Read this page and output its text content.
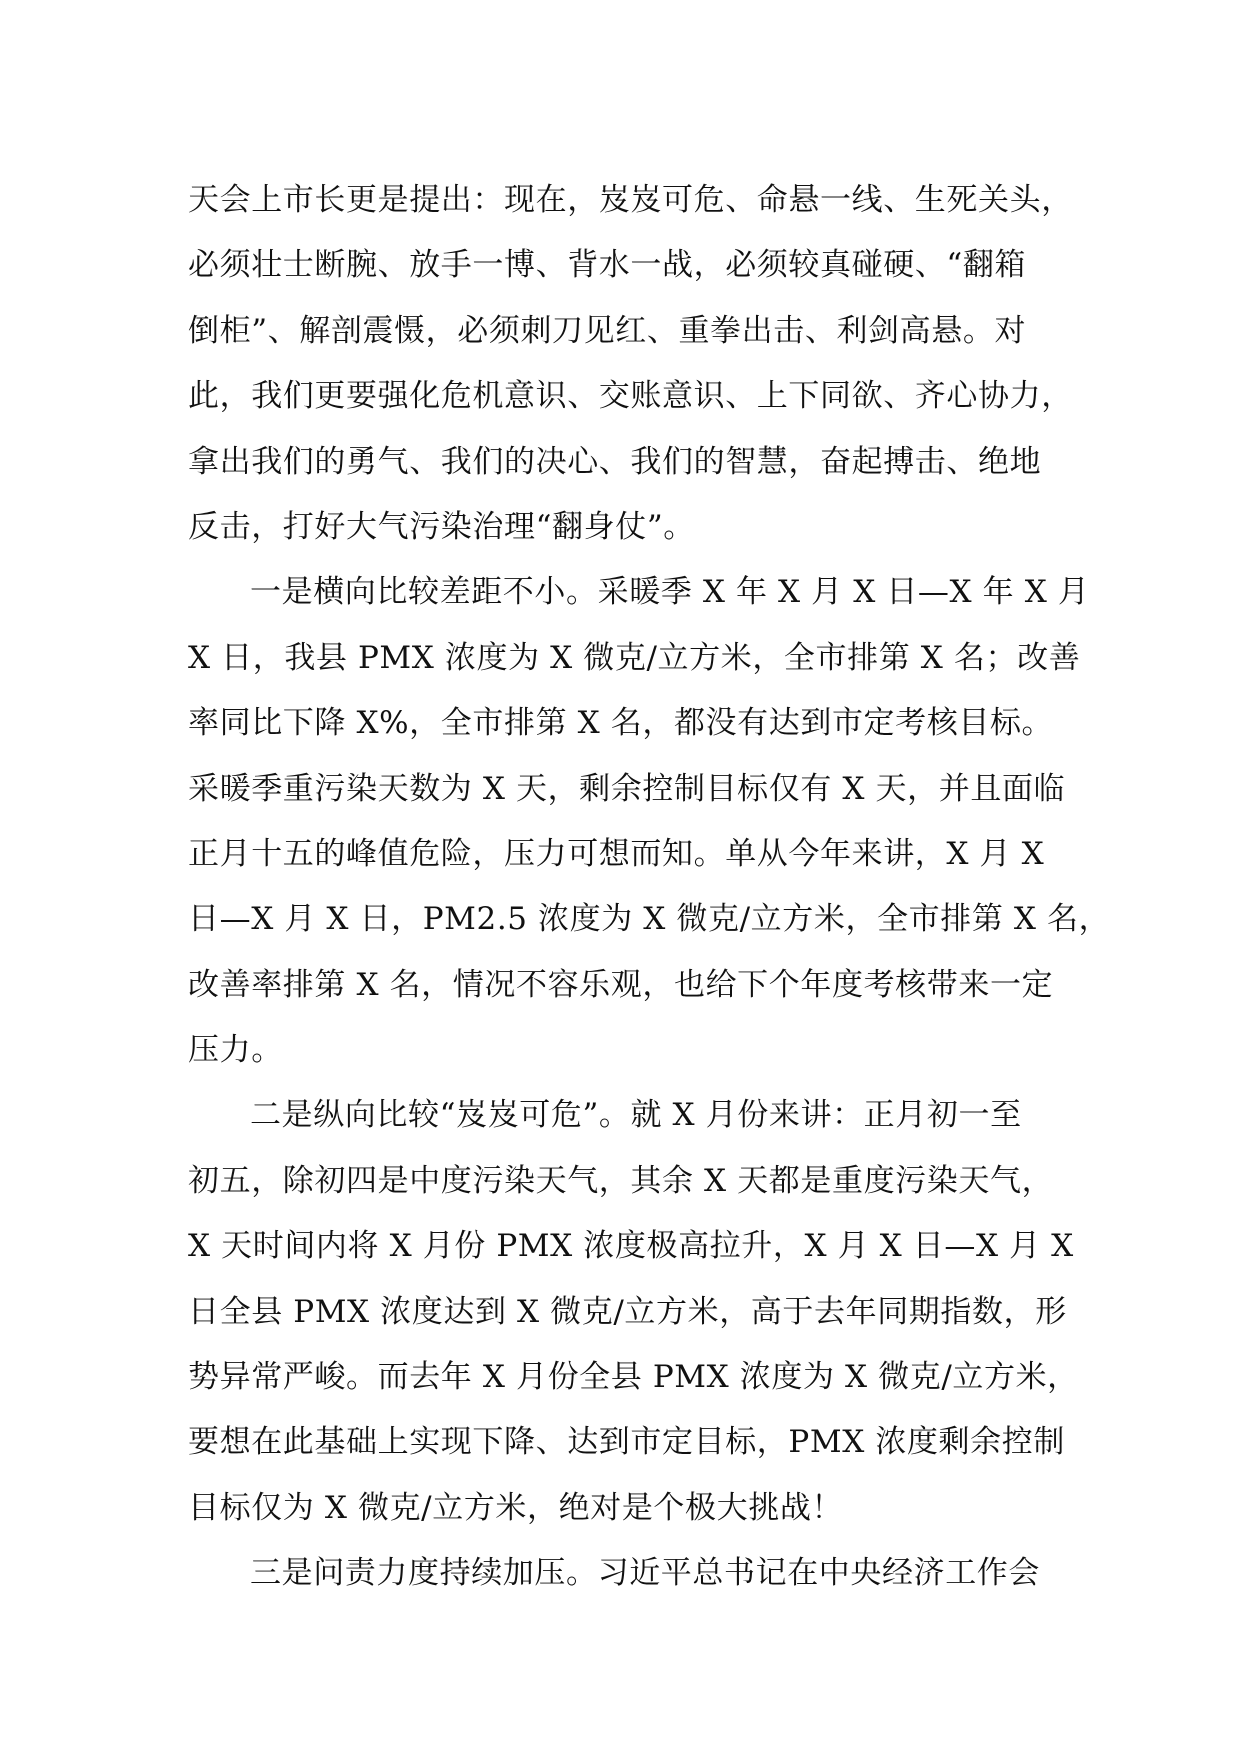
天会上市长更是提出：现在，岌岌可危、命悬一线、生死关头，
必须壮士断腕、放手一博、背水一战，必须较真碰硬、“翻箱
倒柜”、解剖震慑，必须刺刀见红、重拳出击、利剑高悬。对
此，我们更要强化危机意识、交账意识、上下同欲、齐心协力，
拿出我们的勇气、我们的决心、我们的智慧，奋起搏击、绝地
反击，打好大气污染治理“翻身仗”。
一是横向比较差距不小。采暖季 X 年 X 月 X 日—X 年 X 月
X 日，我县 PMX 浓度为 X 微克/立方米，全市排第 X 名；改善
率同比下降 X%，全市排第 X 名，都没有达到市定考核目标。
采暖季重污染天数为 X 天，剩余控制目标仅有 X 天，并且面临
正月十五的峰值危险，压力可想而知。单从今年来讲，X 月 X
日—X 月 X 日，PM2.5 浓度为 X 微克/立方米，全市排第 X 名，
改善率排第 X 名，情况不容乐观，也给下个年度考核带来一定
压力。
二是纵向比较“岌岌可危”。就 X 月份来讲：正月初一至
初五，除初四是中度污染天气，其余 X 天都是重度污染天气，
X 天时间内将 X 月份 PMX 浓度极高拉升，X 月 X 日—X 月 X
日全县 PMX 浓度达到 X 微克/立方米，高于去年同期指数，形
势异常严峻。而去年 X 月份全县 PMX 浓度为 X 微克/立方米，
要想在此基础上实现下降、达到市定目标，PMX 浓度剩余控制
目标仅为 X 微克/立方米，绝对是个极大挑战！
三是问责力度持续加压。习近平总书记在中央经济工作会
